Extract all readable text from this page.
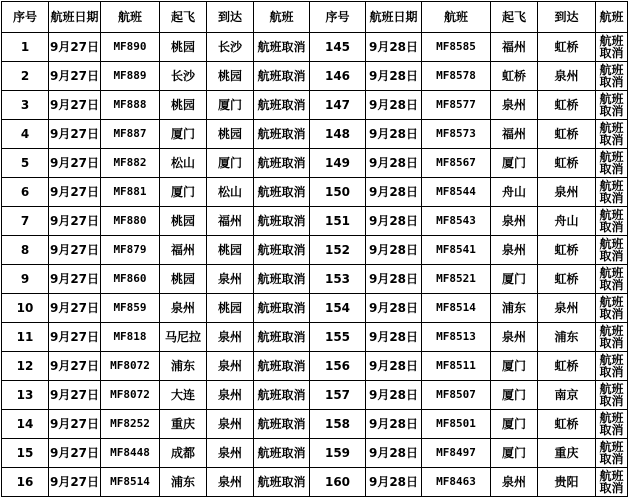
序号	航班日期	航班	起飞	到达	航班	序号	航班日期	航班	起飞	到达	航班
1	9月27日	MF890	桃园	长沙	航班取消	145	9月28日	MF8585	福州	虹桥	航班取消
2	9月27日	MF889	长沙	桃园	航班取消	146	9月28日	MF8578	虹桥	泉州	航班取消
3	9月27日	MF888	桃园	厦门	航班取消	147	9月28日	MF8577	泉州	虹桥	航班取消
4	9月27日	MF887	厦门	桃园	航班取消	148	9月28日	MF8573	福州	虹桥	航班取消
5	9月27日	MF882	松山	厦门	航班取消	149	9月28日	MF8567	厦门	虹桥	航班取消
6	9月27日	MF881	厦门	松山	航班取消	150	9月28日	MF8544	舟山	泉州	航班取消
7	9月27日	MF880	桃园	福州	航班取消	151	9月28日	MF8543	泉州	舟山	航班取消
8	9月27日	MF879	福州	桃园	航班取消	152	9月28日	MF8541	泉州	虹桥	航班取消
9	9月27日	MF860	桃园	泉州	航班取消	153	9月28日	MF8521	厦门	虹桥	航班取消
10	9月27日	MF859	泉州	桃园	航班取消	154	9月28日	MF8514	浦东	泉州	航班取消
11	9月27日	MF818	马尼拉	泉州	航班取消	155	9月28日	MF8513	泉州	浦东	航班取消
12	9月27日	MF8072	浦东	泉州	航班取消	156	9月28日	MF8511	厦门	虹桥	航班取消
13	9月27日	MF8072	大连	泉州	航班取消	157	9月28日	MF8507	厦门	南京	航班取消
14	9月27日	MF8252	重庆	泉州	航班取消	158	9月28日	MF8501	厦门	虹桥	航班取消
15	9月27日	MF8448	成都	泉州	航班取消	159	9月28日	MF8497	厦门	重庆	航班取消
16	9月27日	MF8514	浦东	泉州	航班取消	160	9月28日	MF8463	泉州	贵阳	航班取消
